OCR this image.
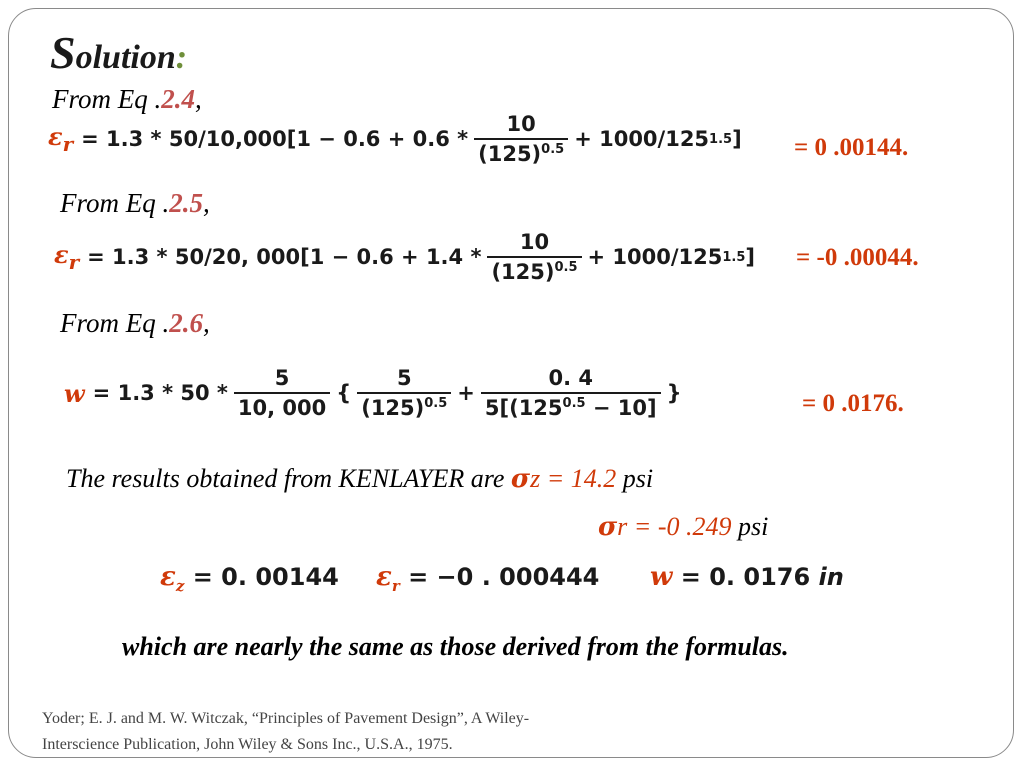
Solution:
From Eq .2.4,
$\varepsilon_r = 1.3 * 50/10,000[1 - 0.6 + 0.6 * \frac{10}{(125)^{0.5}} + 1000/125$ 1.5 ] = 0 .00144.
From Eq .2.5,
$\varepsilon_r = 1.3 * 50/20$, $000[1 - 0.6 + 1.4 * \frac{10}{(125)^{0.5}} + 1000/125$ 1.5 ] = -0 .00044.
From Eq .2.6,
$w = 1.3 * 50 * \frac{5}{10, 000}$ { $\frac{5}{(125)^{0.5}} + \frac{0. 4}{5[(125^{0.5} - 10]}$ }	= 0 .0176.
The results obtained from KENLAYER are σz = 14.2 psi
σr = -0 .249 psi
$\varepsilon_z = 0$. 00144 $\varepsilon_r = -0$ . 000444 w = 0. 0176 in
which are nearly the same as those derived from the formulas.
Yoder; E. J. and M. W. Witczak, “Principles of Pavement Design”, A Wiley-
Interscience Publication, John Wiley & Sons Inc., U.S.A., 1975.
